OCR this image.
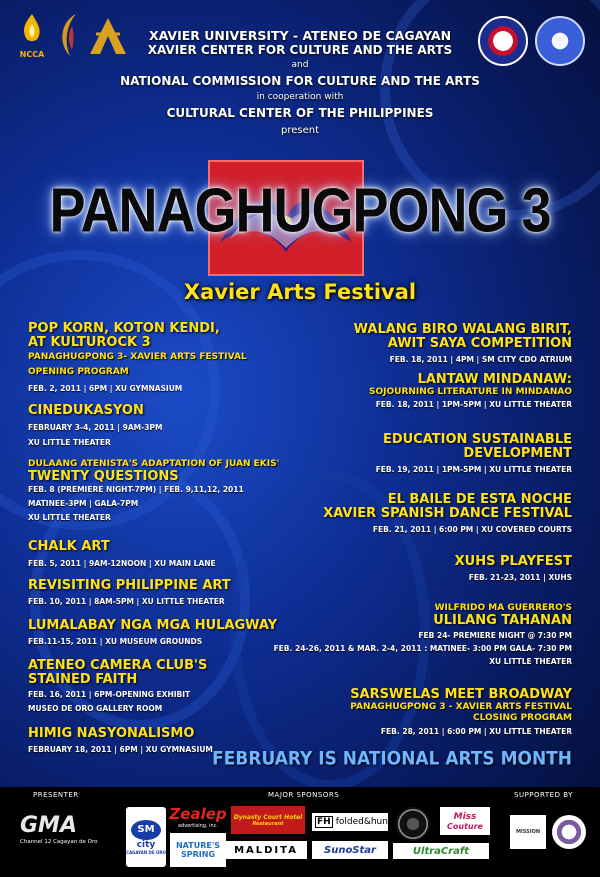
NCCA
XAVIER UNIVERSITY - ATENEO DE CAGAYAN
XAVIER CENTER FOR CULTURE AND THE ARTS
and
NATIONAL COMMISSION FOR CULTURE AND THE ARTS
in cooperation with
CULTURAL CENTER OF THE PHILIPPINES
present
PANAGHUGPONG 3
Xavier Arts Festival
POP KORN, KOTON KENDI,
AT KULTUROCK 3
PANAGHUGPONG 3- XAVIER ARTS FESTIVAL
OPENING PROGRAM
FEB. 2, 2011 | 6PM | XU GYMNASIUM
CINEDUKASYON
FEBRUARY 3-4, 2011 | 9AM-3PM
XU LITTLE THEATER
DULAANG ATENISTA'S ADAPTATION OF JUAN EKIS'
TWENTY QUESTIONS
FEB. 8 (PREMIERE NIGHT-7PM) | FEB. 9,11,12, 2011
MATINEE-3PM | GALA-7PM
XU LITTLE THEATER
CHALK ART
FEB. 5, 2011 | 9AM-12NOON | XU MAIN LANE
REVISITING PHILIPPINE ART
FEB. 10, 2011 | 8AM-5PM | XU LITTLE THEATER
LUMALABAY NGA MGA HULAGWAY
FEB.11-15, 2011 | XU MUSEUM GROUNDS
ATENEO CAMERA CLUB'S
STAINED FAITH
FEB. 16, 2011 | 6PM-OPENING EXHIBIT
MUSEO DE ORO GALLERY ROOM
HIMIG NASYONALISMO
FEBRUARY 18, 2011 | 6PM | XU GYMNASIUM
WALANG BIRO WALANG BIRIT,
AWIT SAYA COMPETITION
FEB. 18, 2011 | 4PM | SM CITY CDO ATRIUM
LANTAW MINDANAW:
SOJOURNING LITERATURE IN MINDANAO
FEB. 18, 2011 | 1PM-5PM | XU LITTLE THEATER
EDUCATION SUSTAINABLE
DEVELOPMENT
FEB. 19, 2011 | 1PM-5PM | XU LITTLE THEATER
EL BAILE DE ESTA NOCHE
XAVIER SPANISH DANCE FESTIVAL
FEB. 21, 2011 | 6:00 PM | XU COVERED COURTS
XUHS PLAYFEST
FEB. 21-23, 2011 | XUHS
WILFRIDO MA GUERRERO'S
ULILANG TAHANAN
FEB 24- PREMIERE NIGHT @ 7:30 PM
FEB. 24-26, 2011 & MAR. 2-4, 2011 : MATINEE- 3:00 PM GALA- 7:30 PM
XU LITTLE THEATER
SARSWELAS MEET BROADWAY
PANAGHUGPONG 3 - XAVIER ARTS FESTIVAL
CLOSING PROGRAM
FEB. 28, 2011 | 6:00 PM | XU LITTLE THEATER
FEBRUARY IS NATIONAL ARTS MONTH
PRESENTER	MAJOR SPONSORS	SUPPORTED BY
GMA
Channel 12 Cagayan de Oro
SM
city
CAGAYAN DE ORO
Zealep
advertising, inc.
NATURE'S
SPRING
Dynasty Court Hotel
Restaurant
MALDITA
FH folded&hung
SunoStar
Miss
Couture
UltraCraft
MISSION
